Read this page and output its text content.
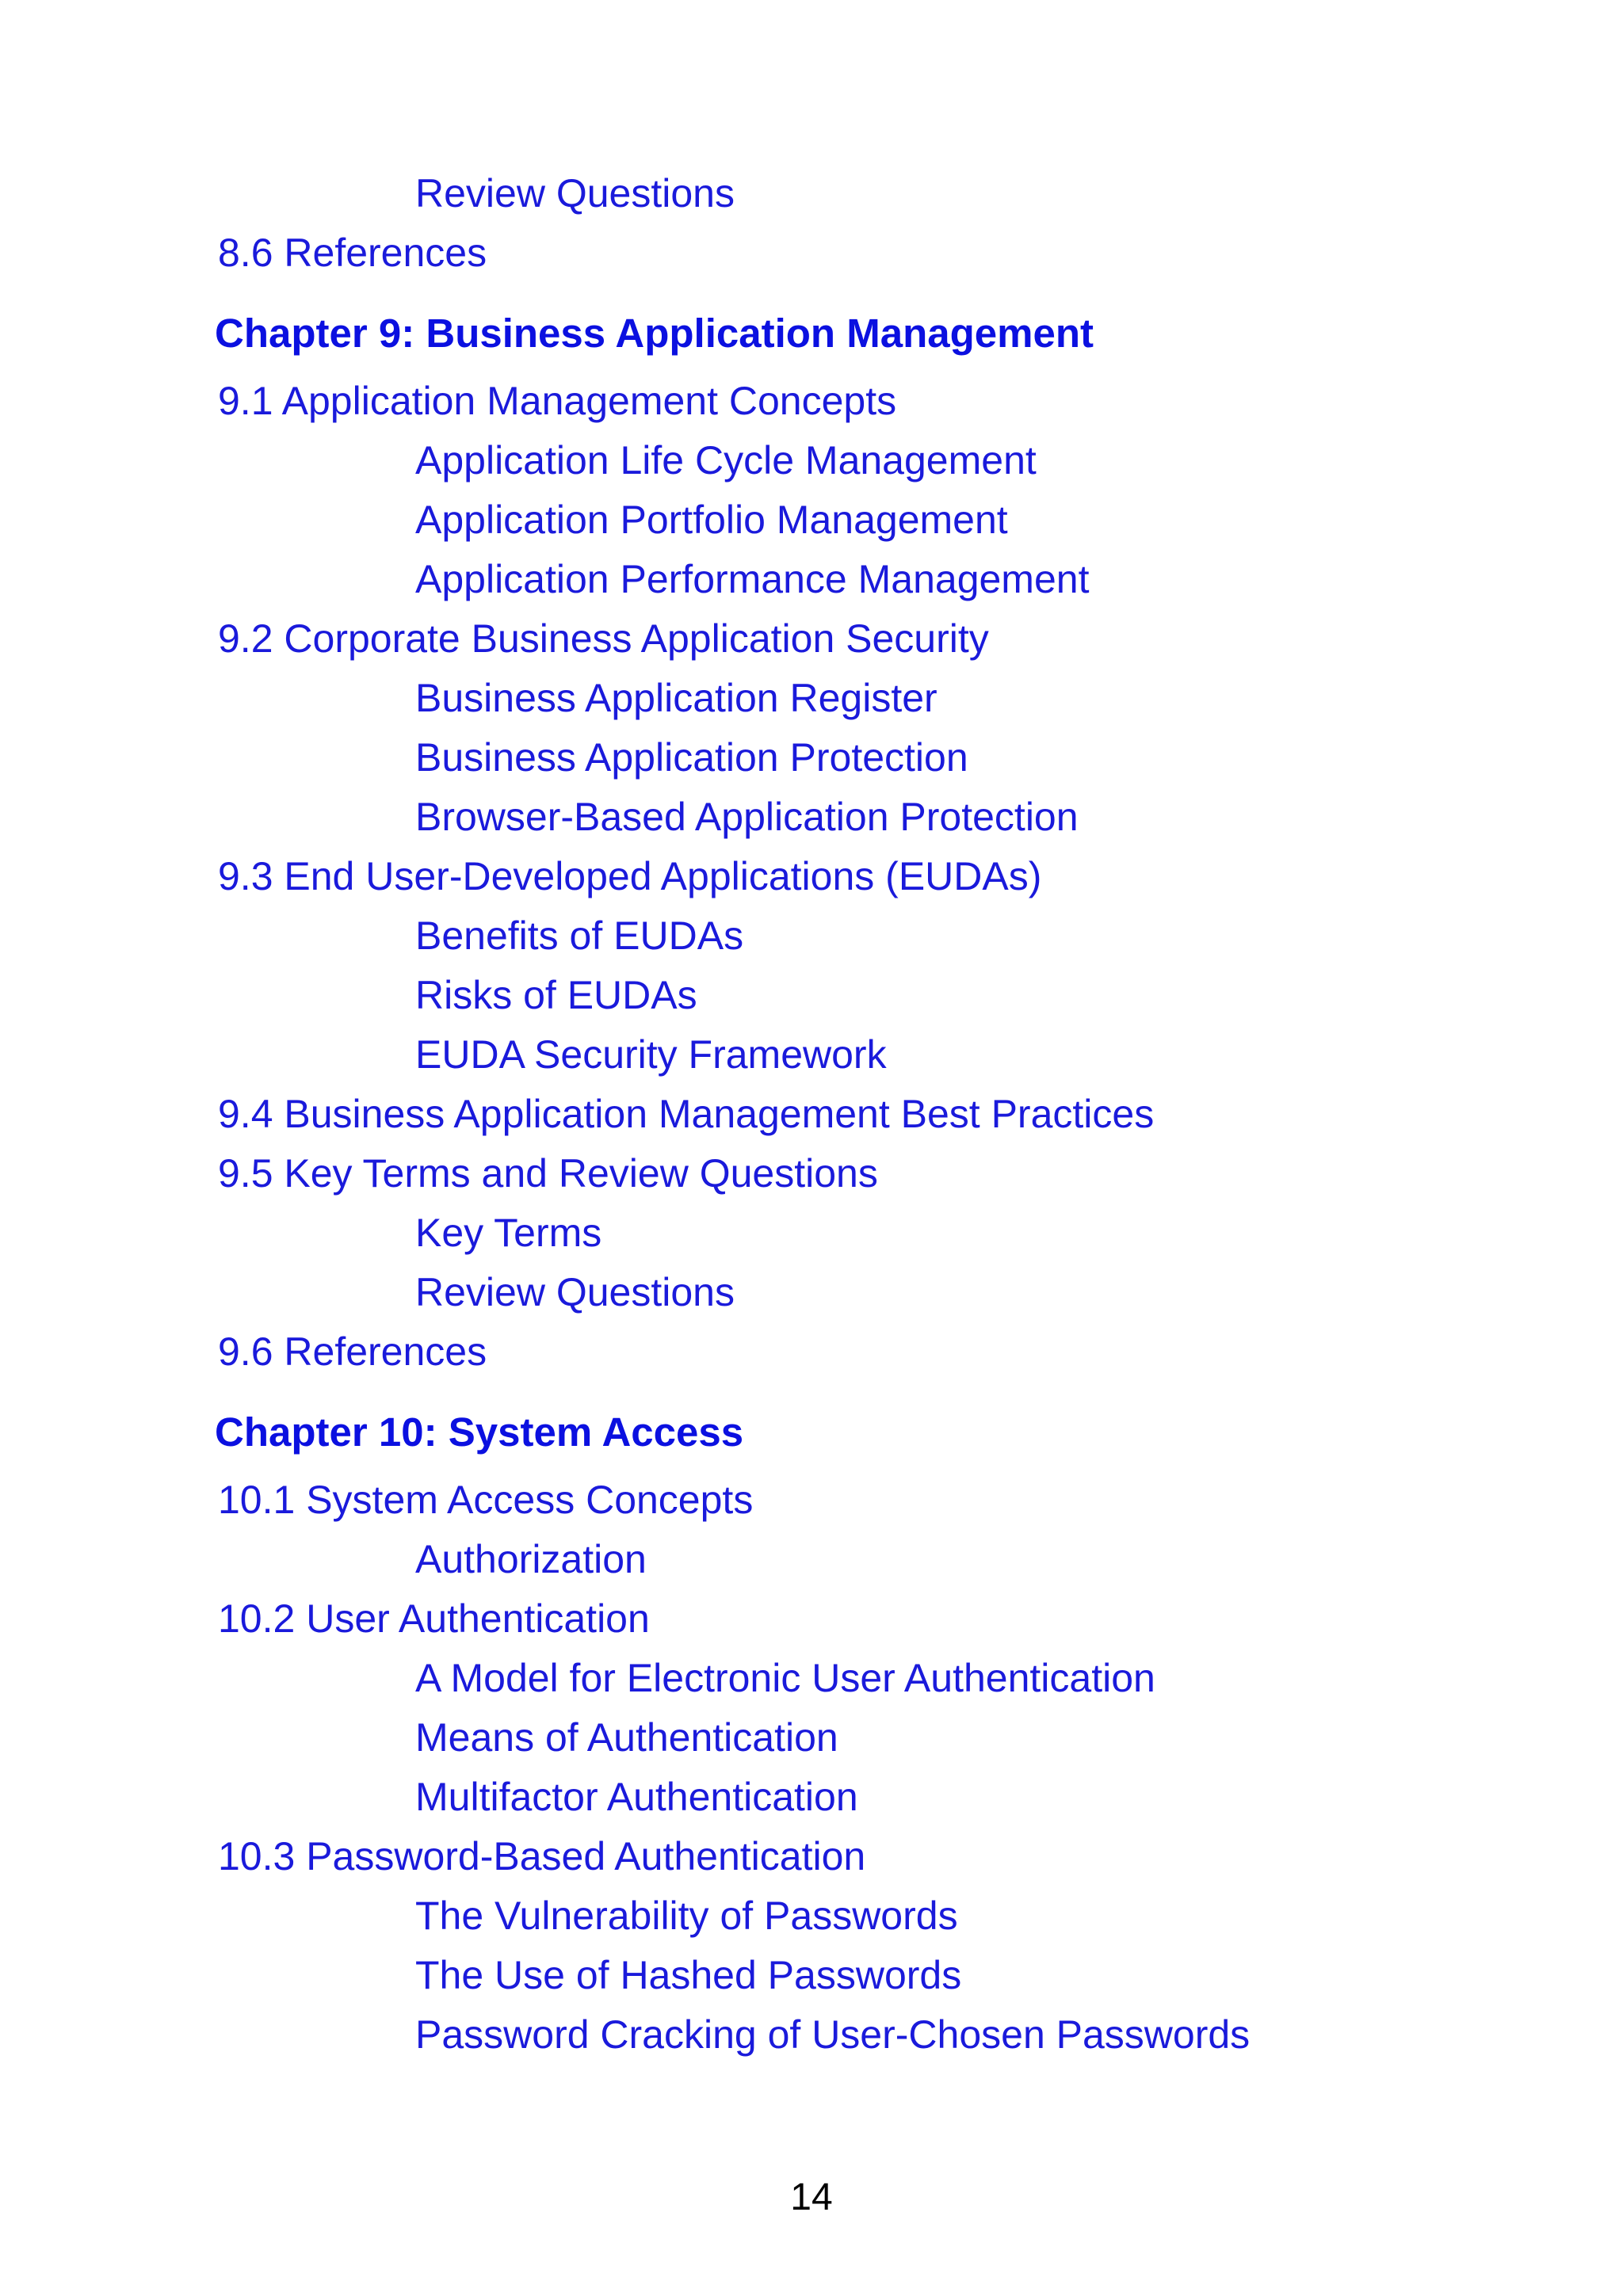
Review Questions
8.6 References
Chapter 9: Business Application Management
9.1 Application Management Concepts
Application Life Cycle Management
Application Portfolio Management
Application Performance Management
9.2 Corporate Business Application Security
Business Application Register
Business Application Protection
Browser-Based Application Protection
9.3 End User-Developed Applications (EUDAs)
Benefits of EUDAs
Risks of EUDAs
EUDA Security Framework
9.4 Business Application Management Best Practices
9.5 Key Terms and Review Questions
Key Terms
Review Questions
9.6 References
Chapter 10: System Access
10.1 System Access Concepts
Authorization
10.2 User Authentication
A Model for Electronic User Authentication
Means of Authentication
Multifactor Authentication
10.3 Password-Based Authentication
The Vulnerability of Passwords
The Use of Hashed Passwords
Password Cracking of User-Chosen Passwords
14
